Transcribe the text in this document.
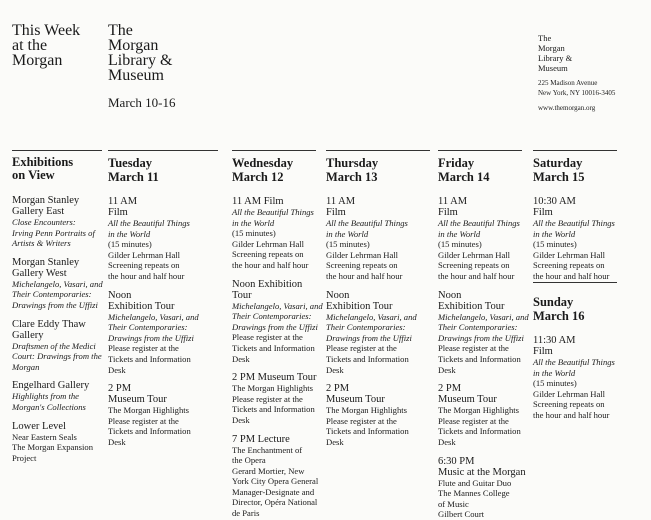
This Week
at the
Morgan
The
Morgan
Library &
Museum
March 10-16
The
Morgan
Library &
Museum
225 Madison Avenue
New York, NY 10016-3405
www.themorgan.org
Exhibitions
on View
Morgan Stanley
Gallery East
Close Encounters:
Irving Penn Portraits of
Artists & Writers
Morgan Stanley
Gallery West
Michelangelo, Vasari, and
Their Contemporaries:
Drawings from the Uffizi
Clare Eddy Thaw
Gallery
Draftsmen of the Medici
Court: Drawings from the
Morgan
Engelhard Gallery
Highlights from the
Morgan's Collections
Lower Level
Near Eastern Seals
The Morgan Expansion
Project
Tuesday
March 11
11 AM
Film
All the Beautiful Things
in the World
(15 minutes)
Gilder Lehrman Hall
Screening repeats on
the hour and half hour
Noon
Exhibition Tour
Michelangelo, Vasari, and
Their Contemporaries:
Drawings from the Uffizi
Please register at the
Tickets and Information
Desk
2 PM
Museum Tour
The Morgan Highlights
Please register at the
Tickets and Information
Desk
Wednesday
March 12
11 AM Film
All the Beautiful Things
in the World
(15 minutes)
Gilder Lehrman Hall
Screening repeats on
the hour and half hour
Noon Exhibition
Tour
Michelangelo, Vasari, and
Their Contemporaries:
Drawings from the Uffizi
Please register at the
Tickets and Information
Desk
2 PM Museum Tour
The Morgan Highlights
Please register at the
Tickets and Information
Desk
7 PM Lecture
The Enchantment of
the Opera
Gerard Mortier, New
York City Opera General
Manager-Designate and
Director, Opéra National
de Paris
Thursday
March 13
11 AM
Film
All the Beautiful Things
in the World
(15 minutes)
Gilder Lehrman Hall
Screening repeats on
the hour and half hour
Noon
Exhibition Tour
Michelangelo, Vasari, and
Their Contemporaries:
Drawings from the Uffizi
Please register at the
Tickets and Information
Desk
2 PM
Museum Tour
The Morgan Highlights
Please register at the
Tickets and Information
Desk
Friday
March 14
11 AM
Film
All the Beautiful Things
in the World
(15 minutes)
Gilder Lehrman Hall
Screening repeats on
the hour and half hour
Noon
Exhibition Tour
Michelangelo, Vasari, and
Their Contemporaries:
Drawings from the Uffizi
Please register at the
Tickets and Information
Desk
2 PM
Museum Tour
The Morgan Highlights
Please register at the
Tickets and Information
Desk
6:30 PM
Music at the Morgan
Flute and Guitar Duo
The Mannes College
of Music
Gilbert Court
Saturday
March 15
10:30 AM
Film
All the Beautiful Things
in the World
(15 minutes)
Gilder Lehrman Hall
Screening repeats on
the hour and half hour
Sunday
March 16
11:30 AM
Film
All the Beautiful Things
in the World
(15 minutes)
Gilder Lehrman Hall
Screening repeats on
the hour and half hour
